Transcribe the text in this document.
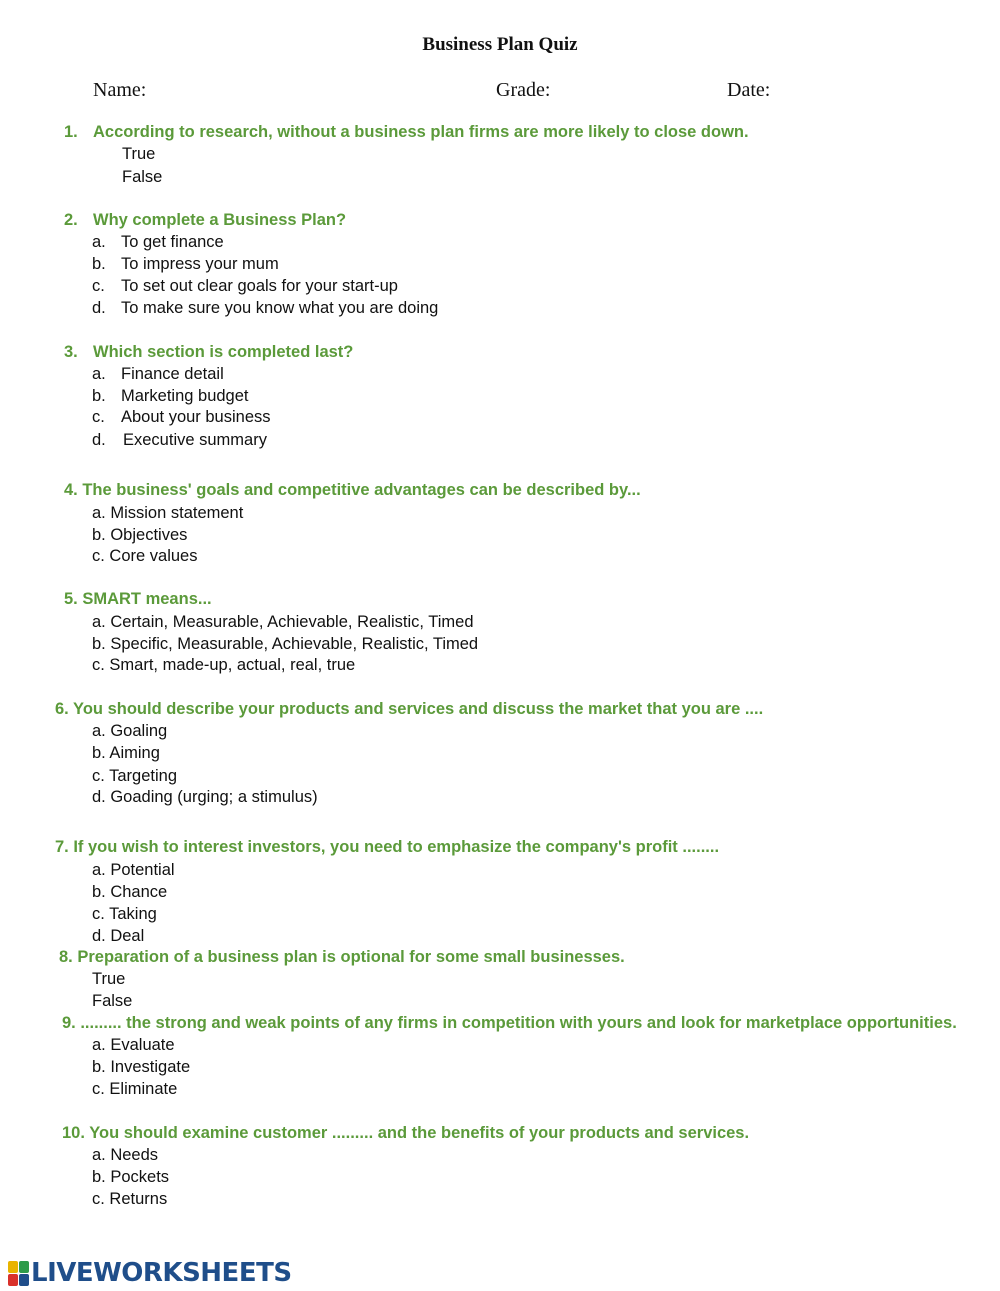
Business Plan Quiz
Name:	Grade:	Date:
1. According to research, without a business plan firms are more likely to close down.
True
False
2. Why complete a Business Plan?
a. To get finance
b. To impress your mum
c. To set out clear goals for your start-up
d. To make sure you know what you are doing
3. Which section is completed last?
a. Finance detail
b. Marketing budget
c. About your business
d. Executive summary
4. The business' goals and competitive advantages can be described by...
a. Mission statement
b. Objectives
c. Core values
5. SMART means...
a. Certain, Measurable, Achievable, Realistic, Timed
b. Specific, Measurable, Achievable, Realistic, Timed
c. Smart, made-up, actual, real, true
6. You should describe your products and services and discuss the market that you are ....
a. Goaling
b. Aiming
c. Targeting
d. Goading (urging; a stimulus)
7. If you wish to interest investors, you need to emphasize the company's profit ........
a. Potential
b. Chance
c. Taking
d. Deal
8. Preparation of a business plan is optional for some small businesses.
True
False
9. ......... the strong and weak points of any firms in competition with yours and look for marketplace opportunities.
a. Evaluate
b. Investigate
c. Eliminate
10. You should examine customer ......... and the benefits of your products and services.
a. Needs
b. Pockets
c. Returns
LIVEWORKSHEETS
